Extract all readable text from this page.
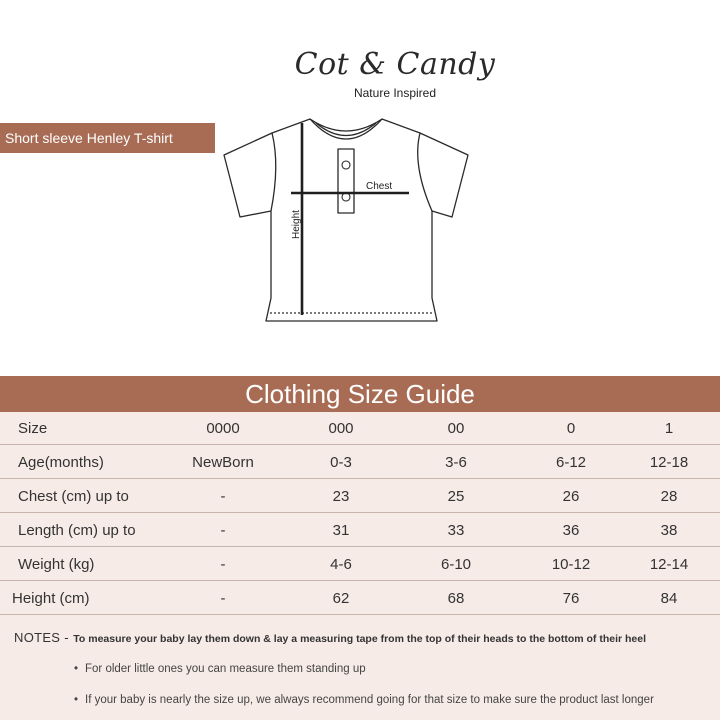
Cot & Candy
Nature Inspired
Short sleeve Henley T-shirt
Chest
Height
Clothing Size Guide
Size	0000	000	00	0	1
Age(months)	NewBorn	0-3	3-6	6-12	12-18
Chest (cm) up to	-	23	25	26	28
Length (cm) up to	-	31	33	36	38
Weight (kg)	-	4-6	6-10	10-12	12-14
Height (cm)	-	62	68	76	84
NOTES - To measure your baby lay them down & lay a measuring tape from the top of their heads to the bottom of their heel
• For older little ones you can measure them standing up
• If your baby is nearly the size up, we always recommend going for that size to make sure the product last longer
